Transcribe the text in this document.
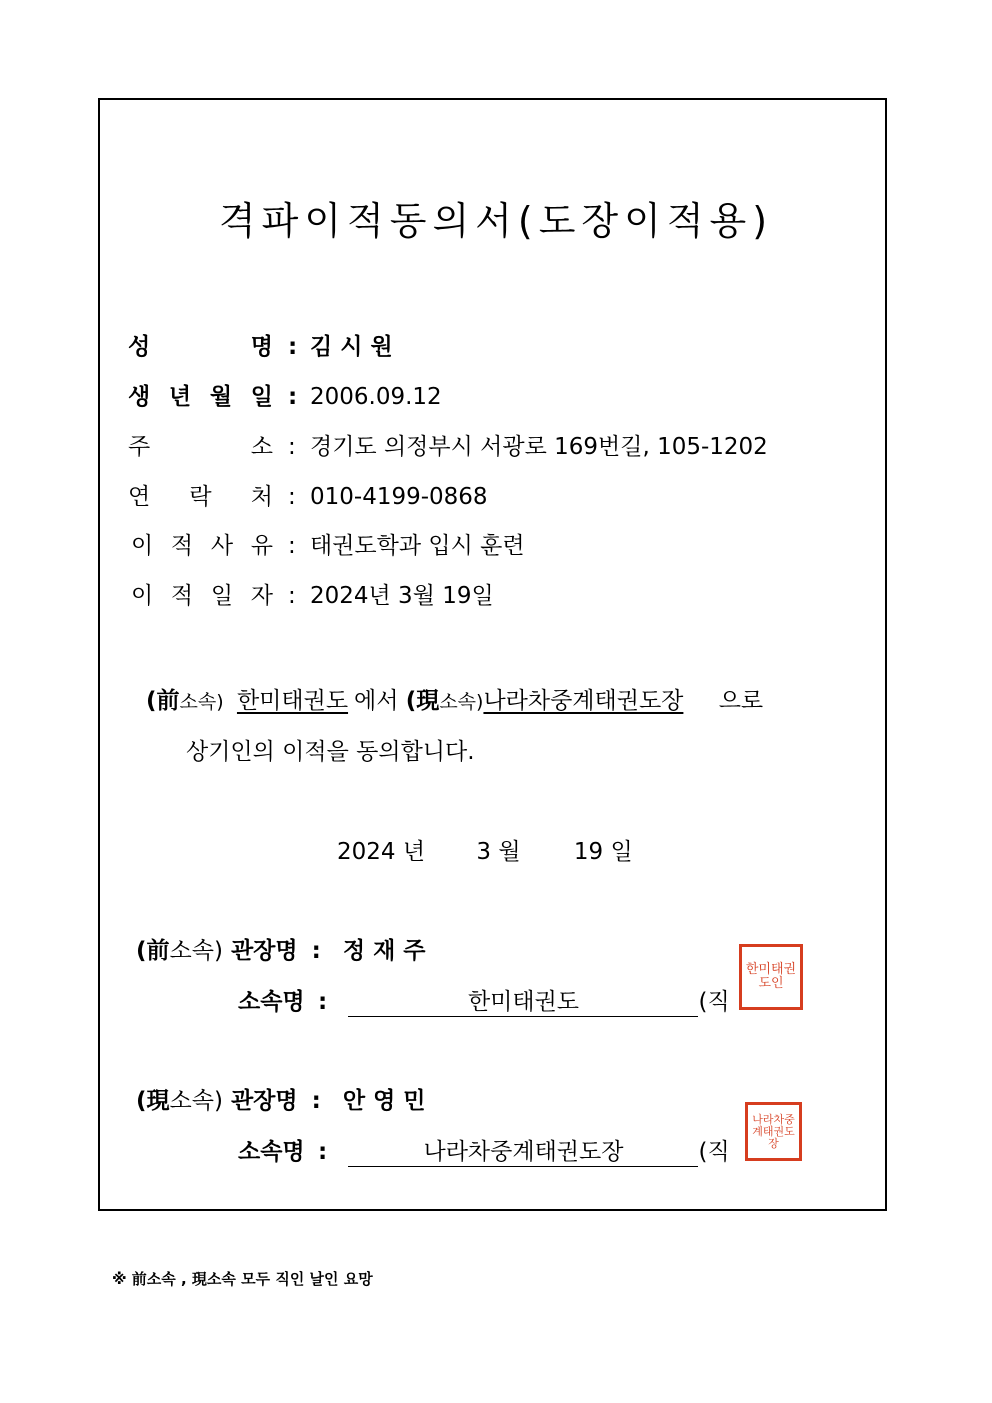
격파이적동의서(도장이적용)
성	명 : 김 시 원
생 년 월 일 : 2006.09.12
주	소 : 경기도 의정부시 서광로 169번길, 105-1202
연 락 처 : 010-4199-0868
이 적 사 유 : 태권도학과 입시 훈련
이 적 일 자 : 2024년 3월 19일
(前소속) 한미태권도 에서 (現소속)나라차중계태권도장 으로
상기인의 이적을 동의합니다.
2024 년 3 월 19 일
(前소속) 관장명 : 정 재 주
소속명 :	한미태권도	(직
한미태권도인
(現소속) 관장명 : 안 영 민
소속명 :	나라차중계태권도장	(직
나라차중계태권도장
※ 前소속 , 現소속 모두 직인 날인 요망
